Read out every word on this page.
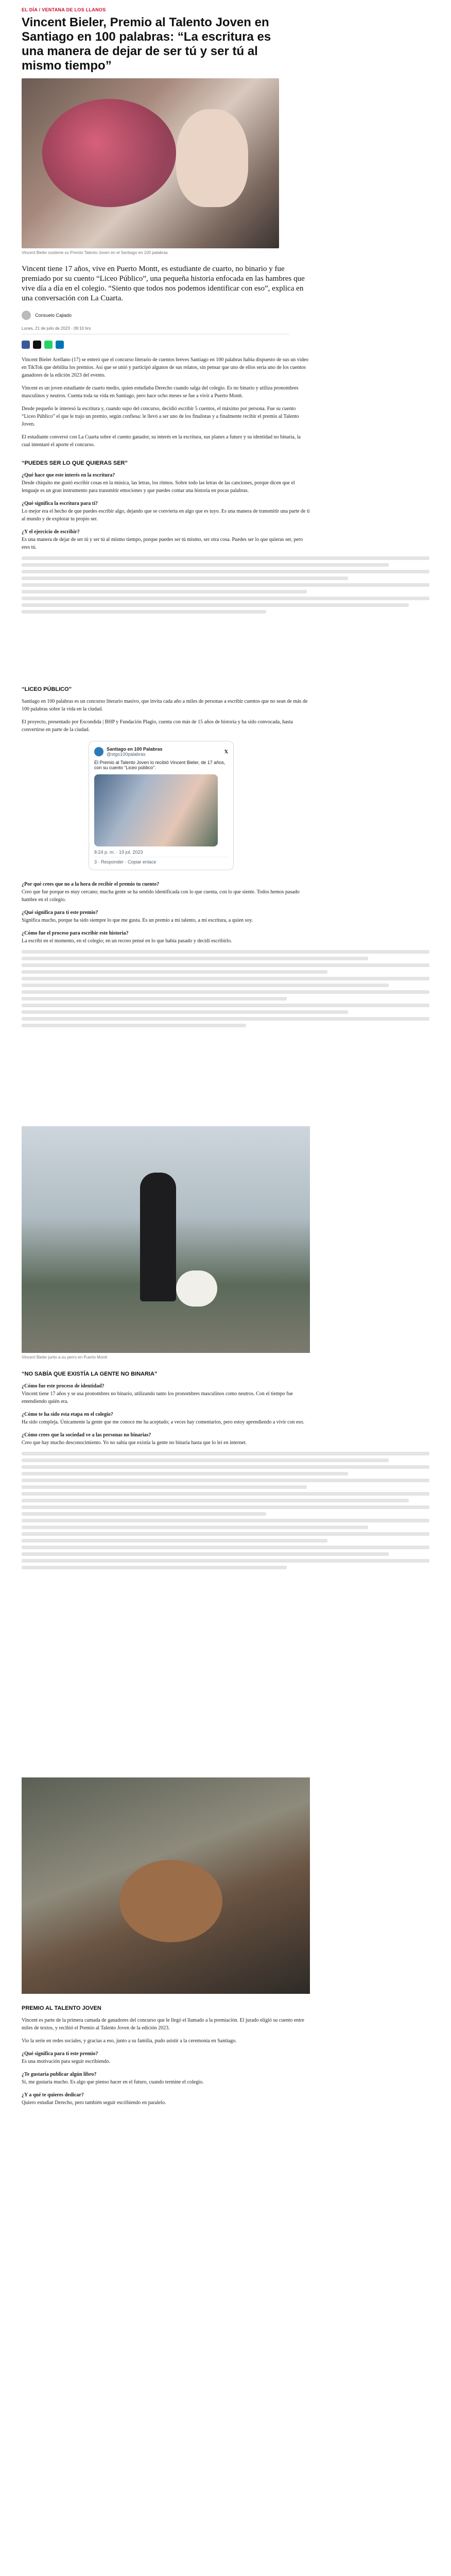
EL DÍA / VENTANA DE LOS LLANOS
Vincent Bieler, Premio al Talento Joven en Santiago en 100 palabras: “La escritura es una manera de dejar de ser tú y ser tú al mismo tiempo”
Vincent Bieler sostiene su Premio Talento Joven en el Santiago en 100 palabras
Vincent tiene 17 años, vive en Puerto Montt, es estudiante de cuarto, no binario y fue premiado por su cuento “Liceo Público”, una pequeña historia enfocada en las hambres que vive día a día en el colegio. “Siento que todos nos podemos identificar con eso”, explica en una conversación con La Cuarta.
Consuelo Cajiado
Lunes, 21 de julio de 2023 · 09:10 hrs

Vincent Bieler Arellano (17) se enteró que el concurso literario de cuentos breves Santiago en 100 palabras había dispuesto de sus un video en TikTok que debilita los premios. Así que se unió y participó algunos de sus relatos, sin pensar que uno de ellos sería uno de los cuentos ganadores de la edición 2023 del evento.

Vincent es un joven estudiante de cuarto medio, quien estudiaba Derecho cuando salga del colegio. Es no binario y utiliza pronombres masculinos y neutros. Cuenta toda su vida en Santiago, pero hace ocho meses se fue a vivir a Puerto Montt.

Desde pequeño le interesó la escritura y, cuando supo del concurso, decidió escribir 5 cuentos, el máximo por persona. Fue su cuento “Liceo Público” el que le trajo un premio, según confiesa: le llevó a ser uno de los finalistas y a finalmente recibir el premio al Talento Joven.

El estudiante conversó con La Cuarta sobre el cuento ganador, su interés en la escritura, sus planes a futuro y su identidad no binaria, la cual intentaré el aporte el concurso.

“PUEDES SER LO QUE QUIERAS SER”

¿Qué hace que este interés en la escritura?
Desde chiquito me gustó escribir cosas en la música, las letras, los ritmos. Sobre todo las letras de las canciones, porque dicen que el lenguaje es un gran instrumento para transmitir emociones y que puedes contar una historia en pocas palabras.

¿Qué significa la escritura para ti?
Lo mejor era el hecho de que puedes escribir algo, dejando que se convierta en algo que es tuyo. Es una manera de transmitir una parte de ti al mundo y de explorar tu propio ser.

¿Y el ejercicio de escribir?
Es una manera de dejar de ser tú y ser tú al mismo tiempo, porque puedes ser tú mismo, ser otra cosa. Puedes ser lo que quieras ser, pero eres tú.

“LICEO PÚBLICO”

Santiago en 100 palabras es un concurso literario masivo, que invita cada año a miles de personas a escribir cuentos que no sean de más de 100 palabras sobre la vida en la ciudad.

El proyecto, presentado por Escondida | BHP y Fundación Plagio, cuenta con más de 15 años de historia y ha sido convocada, hasta convertirse en parte de la ciudad.

Santiago en 100 Palabras
@stgo100palabras
𝕏
El Premio al Talento Joven lo recibió Vincent Bieler, de 17 años, con su cuento “Liceo público”.
8:24 p. m. · 19 jul. 2023
3 · Responder · Copiar enlace

¿Por qué crees que no a la hora de recibir el premio tu cuento?
Creo que fue porque es muy cercano; mucha gente se ha sentido identificada con lo que cuenta, con lo que siente. Todos hemos pasado hambre en el colegio.

¿Qué significa para ti este premio?
Significa mucho, porque ha sido siempre lo que me gusta. Es un premio a mi talento, a mi escritura, a quien soy.

¿Cómo fue el proceso para escribir este historia?
La escribí en el momento, en el colegio; en un recreo pensé en lo que había pasado y decidí escribirlo.

Vincent Bieler junto a su perro en Puerto Montt
“NO SABÍA QUE EXISTÍA LA GENTE NO BINARIA”

¿Cómo fue este proceso de identidad?
Vincent tiene 17 años y se usa pronombres no binario, utilizando tanto los pronombres masculinos como neutros. Con el tiempo fue entendiendo quién era.

¿Cómo te ha sido esta etapa en el colegio?
Ha sido compleja. Únicamente la gente que me conoce me ha aceptado; a veces hay comentarios, pero estoy aprendiendo a vivir con eso.

¿Cómo crees que la sociedad ve a las personas no binarias?
Creo que hay mucho desconocimiento. Yo no sabía que existía la gente no binaria hasta que lo leí en internet.

PREMIO AL TALENTO JOVEN

Vincent es parte de la primera camada de ganadores del concurso que le llegó el llamado a la premiación. El jurado eligió su cuento entre miles de textos, y recibió el Premio al Talento Joven de la edición 2023.

Vio la serie en redes sociales, y gracias a eso, junto a su familia, pudo asistir a la ceremonia en Santiago.

¿Qué significa para ti este premio?
Es una motivación para seguir escribiendo.

¿Te gustaría publicar algún libro?
Sí, me gustaría mucho. Es algo que pienso hacer en el futuro, cuando termine el colegio.

¿Y a qué te quieres dedicar?
Quiero estudiar Derecho, pero también seguir escribiendo en paralelo.
